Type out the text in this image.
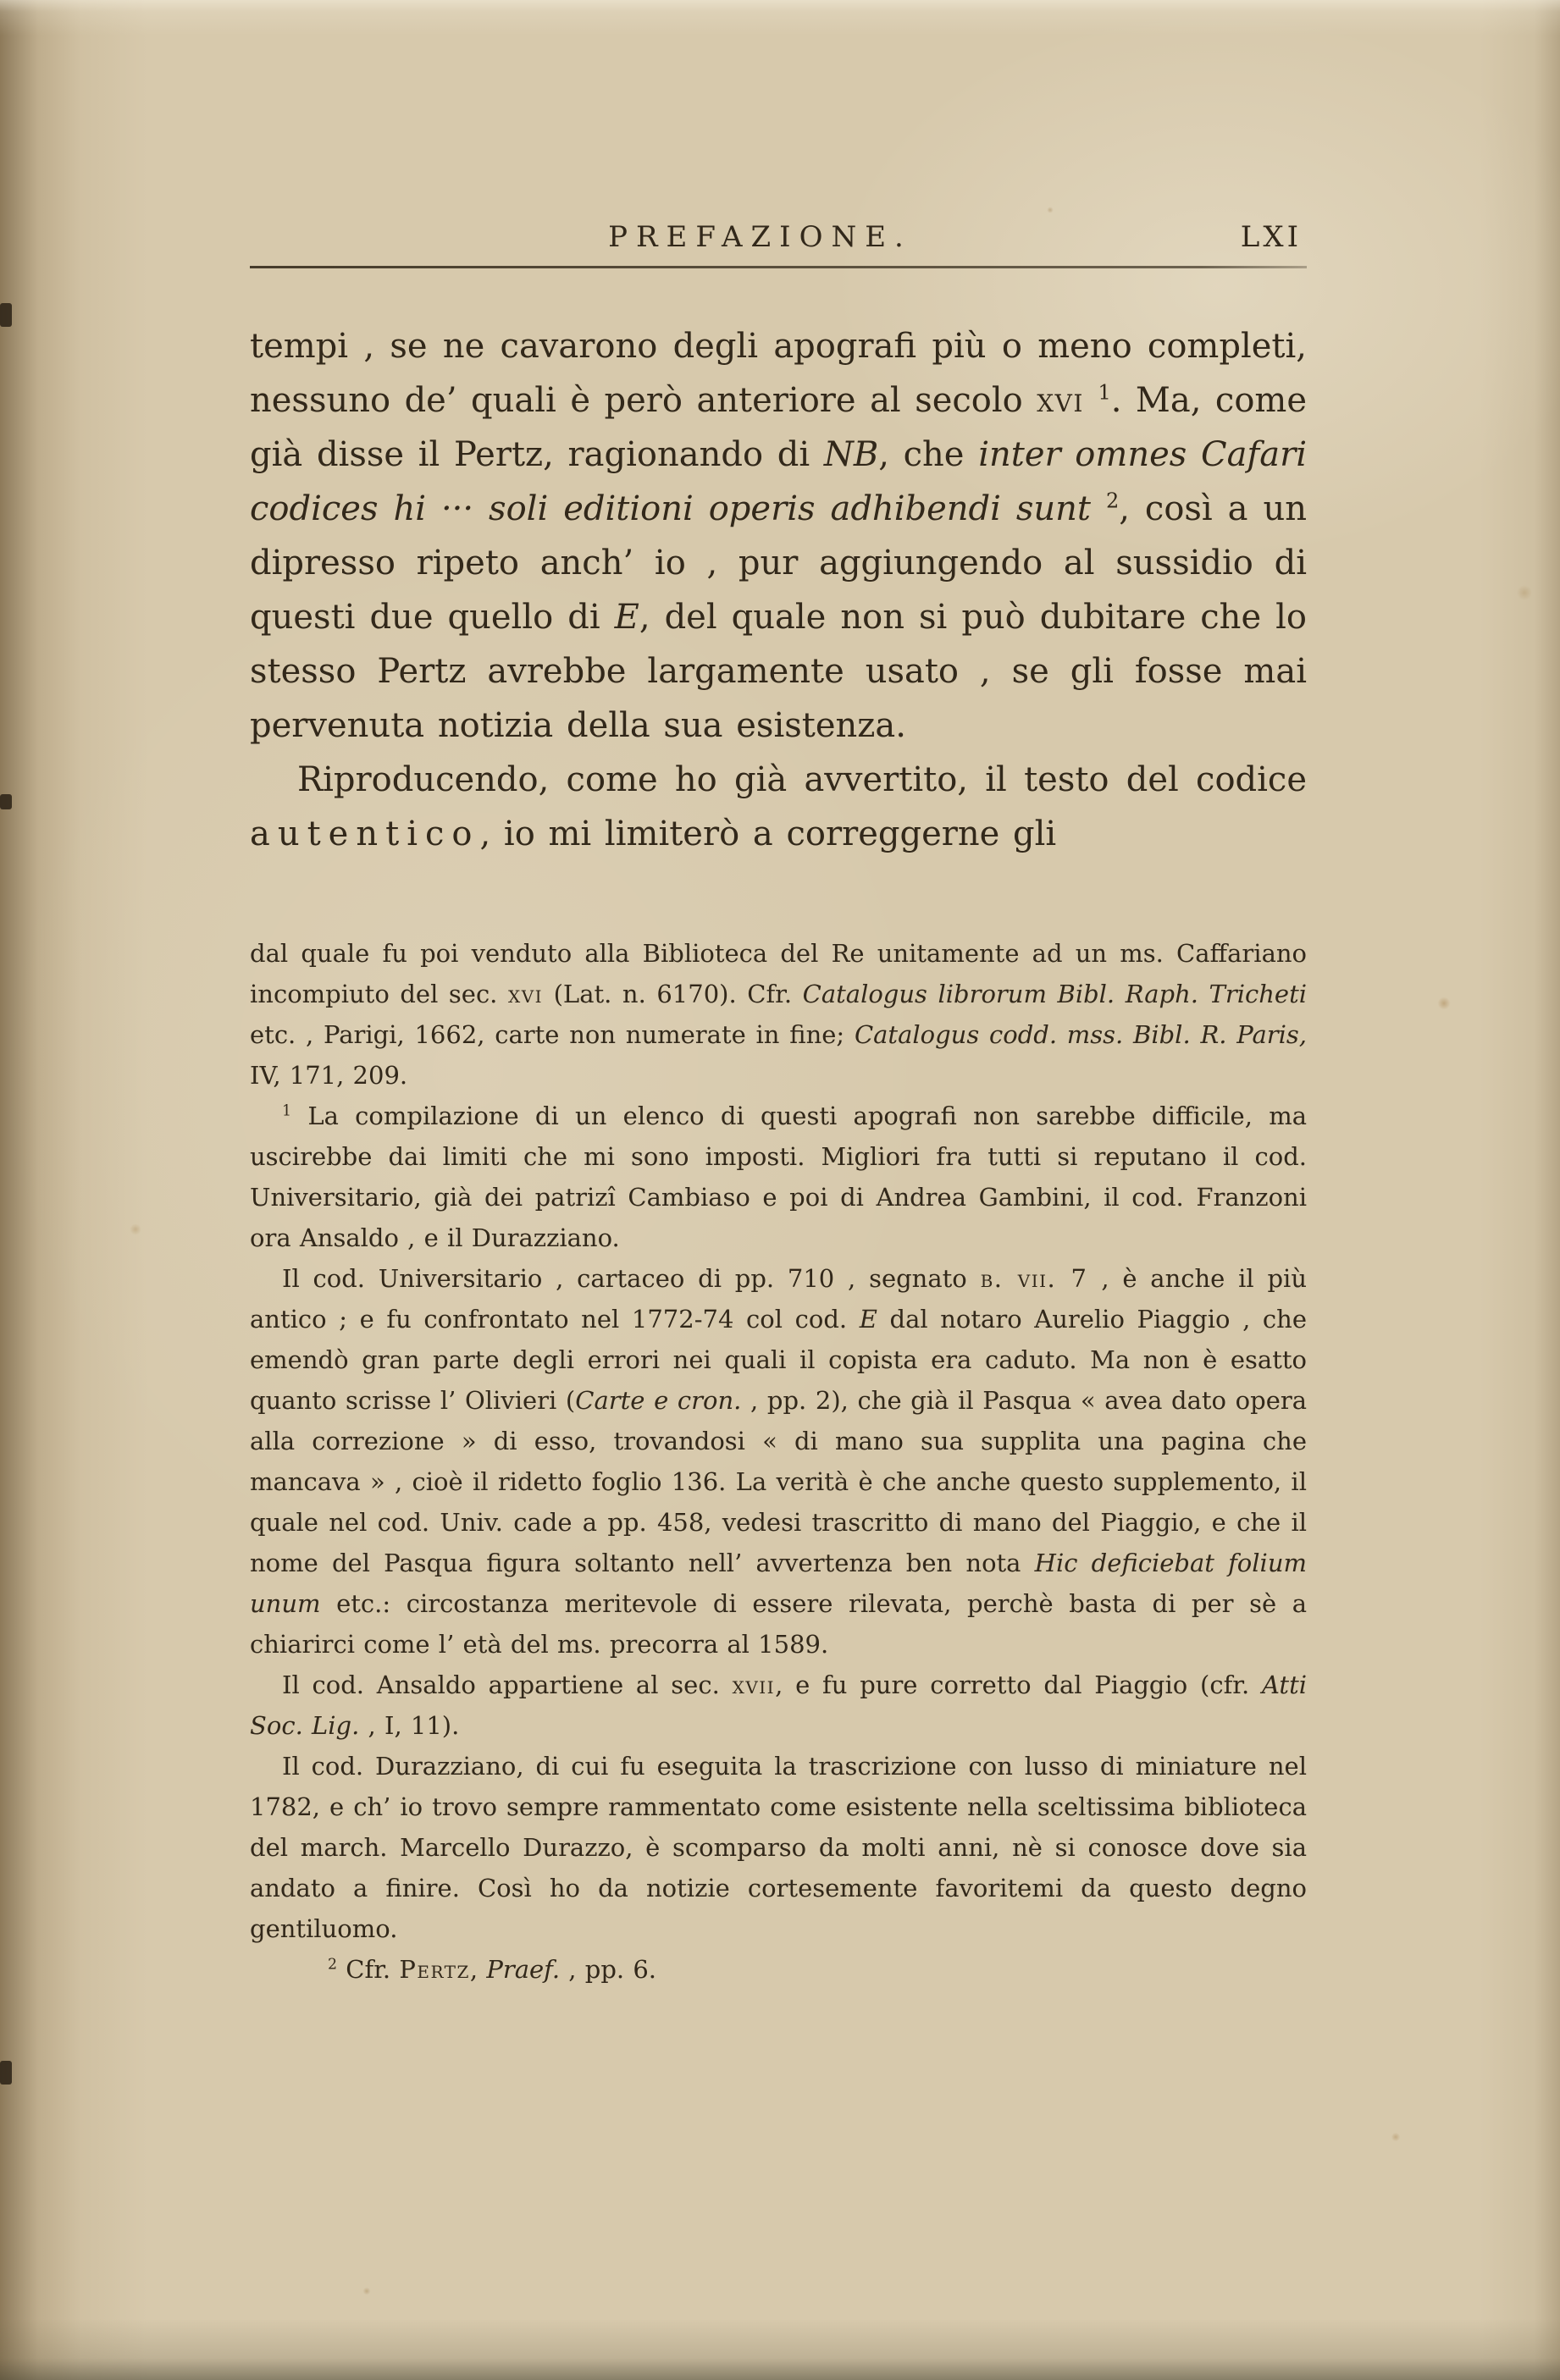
PREFAZIONE.	LXI

tempi , se ne cavarono degli apografi più o meno completi, nessuno de’ quali è però anteriore al secolo xvi $^1$. Ma, come già disse il Pertz, ragionando di NB, che inter omnes Cafari codices hi ··· soli editioni operis adhibendi sunt $^2$, così a un dipresso ripeto anch’ io , pur aggiungendo al sussidio di questi due quello di E, del quale non si può dubitare che lo stesso Pertz avrebbe largamente usato , se gli fosse mai pervenuta notizia della sua esistenza.

Riproducendo, come ho già avvertito, il testo del codice autentico, io mi limiterò a correggerne gli

dal quale fu poi venduto alla Biblioteca del Re unitamente ad un ms. Caffariano incompiuto del sec. xvi (Lat. n. 6170). Cfr. Catalogus librorum Bibl. Raph. Tricheti etc. , Parigi, 1662, carte non numerate in fine; Catalogus codd. mss. Bibl. R. Paris, IV, 171, 209.

$^1$ La compilazione di un elenco di questi apografi non sarebbe difficile, ma uscirebbe dai limiti che mi sono imposti. Migliori fra tutti si reputano il cod. Universitario, già dei patrizî Cambiaso e poi di Andrea Gambini, il cod. Franzoni ora Ansaldo , e il Durazziano.

Il cod. Universitario , cartaceo di pp. 710 , segnato b. vii. 7 , è anche il più antico ; e fu confrontato nel 1772-74 col cod. E dal notaro Aurelio Piaggio , che emendò gran parte degli errori nei quali il copista era caduto. Ma non è esatto quanto scrisse l’ Olivieri (Carte e cron. , pp. 2), che già il Pasqua « avea dato opera alla correzione » di esso, trovandosi « di mano sua supplita una pagina che mancava » , cioè il ridetto foglio 136. La verità è che anche questo supplemento, il quale nel cod. Univ. cade a pp. 458, vedesi trascritto di mano del Piaggio, e che il nome del Pasqua figura soltanto nell’ avvertenza ben nota Hic deficiebat folium unum etc.: circostanza meritevole di essere rilevata, perchè basta di per sè a chiarirci come l’ età del ms. precorra al 1589.

Il cod. Ansaldo appartiene al sec. xvii, e fu pure corretto dal Piaggio (cfr. Atti Soc. Lig. , I, 11).

Il cod. Durazziano, di cui fu eseguita la trascrizione con lusso di miniature nel 1782, e ch’ io trovo sempre rammentato come esistente nella sceltissima biblioteca del march. Marcello Durazzo, è scomparso da molti anni, nè si conosce dove sia andato a finire. Così ho da notizie cortesemente favoritemi da questo degno gentiluomo.

$^2$ Cfr. Pertz, Praef. , pp. 6.
